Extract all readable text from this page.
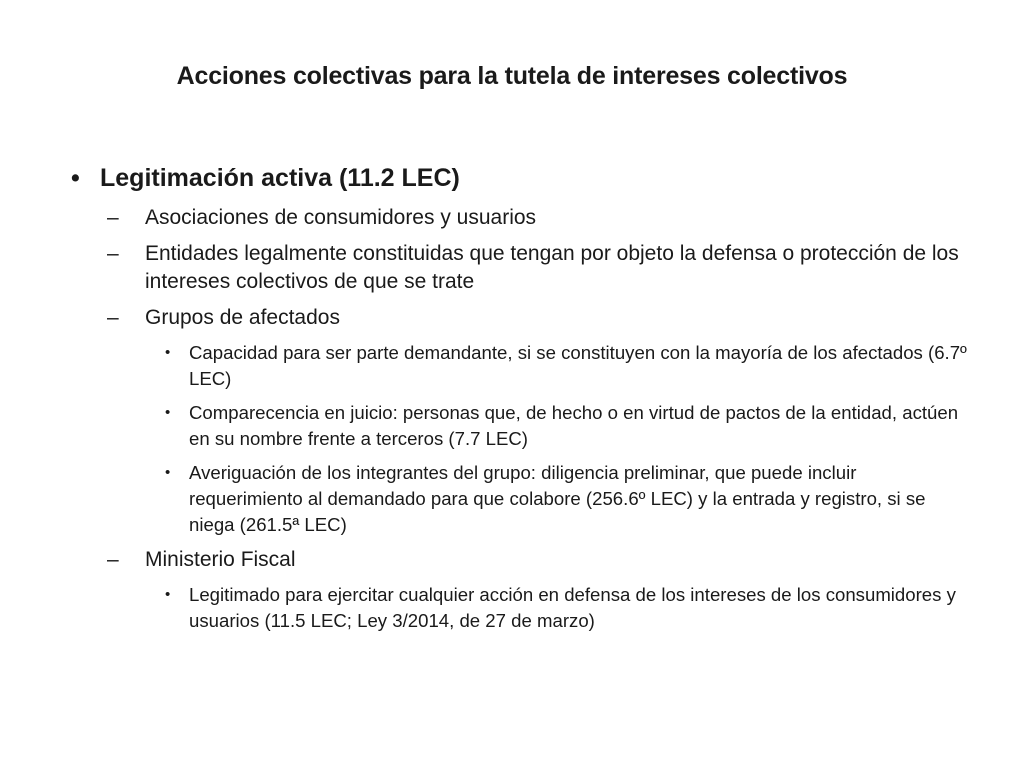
Acciones colectivas para la tutela de intereses colectivos
• Legitimación activa (11.2 LEC)
– Asociaciones de consumidores y usuarios
– Entidades legalmente constituidas que tengan por objeto la defensa o protección de los intereses colectivos de que se trate
– Grupos de afectados
• Capacidad para ser parte demandante, si se constituyen con la mayoría de los afectados (6.7º LEC)
• Comparecencia en juicio: personas que, de hecho o en virtud de pactos de la entidad, actúen en su nombre frente a terceros (7.7 LEC)
• Averiguación de los integrantes del grupo: diligencia preliminar, que puede incluir requerimiento al demandado para que colabore (256.6º LEC) y la entrada y registro, si se niega (261.5ª LEC)
– Ministerio Fiscal
• Legitimado para ejercitar cualquier acción en defensa de los intereses de los consumidores y usuarios (11.5 LEC; Ley 3/2014, de 27 de marzo)
